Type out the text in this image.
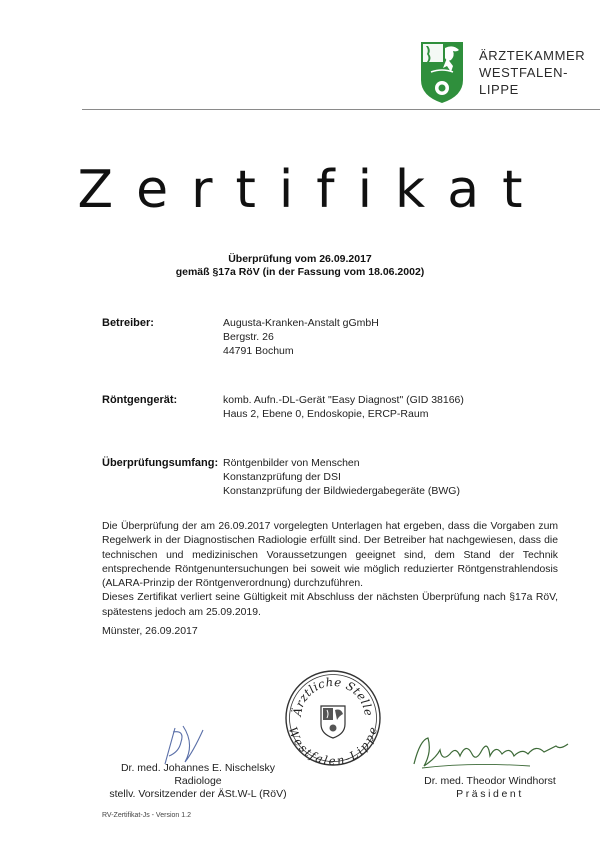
ÄRZTEKAMMER
WESTFALEN-LIPPE
Zertifikat
Überprüfung vom 26.09.2017
gemäß §17a RöV (in der Fassung vom 18.06.2002)
Betreiber:	Augusta-Kranken-Anstalt gGmbH
Bergstr. 26
44791 Bochum
Röntgengerät:	komb. Aufn.-DL-Gerät "Easy Diagnost" (GID 38166)
Haus 2, Ebene 0, Endoskopie, ERCP-Raum
Überprüfungsumfang: Röntgenbilder von Menschen
Konstanzprüfung der DSI
Konstanzprüfung der Bildwiedergabegeräte (BWG)

Die Überprüfung der am 26.09.2017 vorgelegten Unterlagen hat ergeben, dass die Vorgaben zum Regelwerk in der Diagnostischen Radiologie erfüllt sind. Der Betreiber hat nachgewiesen, dass die technischen und medizinischen Voraussetzungen geeignet sind, dem Stand der Technik entsprechende Röntgenuntersuchungen bei soweit wie möglich reduzierter Röntgenstrahlendosis (ALARA-Prinzip der Röntgenverordnung) durchzuführen.

Dieses Zertifikat verliert seine Gültigkeit mit Abschluss der nächsten Überprüfung nach §17a RöV, spätestens jedoch am 25.09.2019.

Münster, 26.09.2017
Ärztliche Stelle
Westfalen-Lippe
Dr. med. Johannes E. Nischelsky
Radiologe
stellv. Vorsitzender der ÄSt.W-L (RöV)
Dr. med. Theodor Windhorst
Präsident
RV-Zertifikat-Js - Version 1.2
